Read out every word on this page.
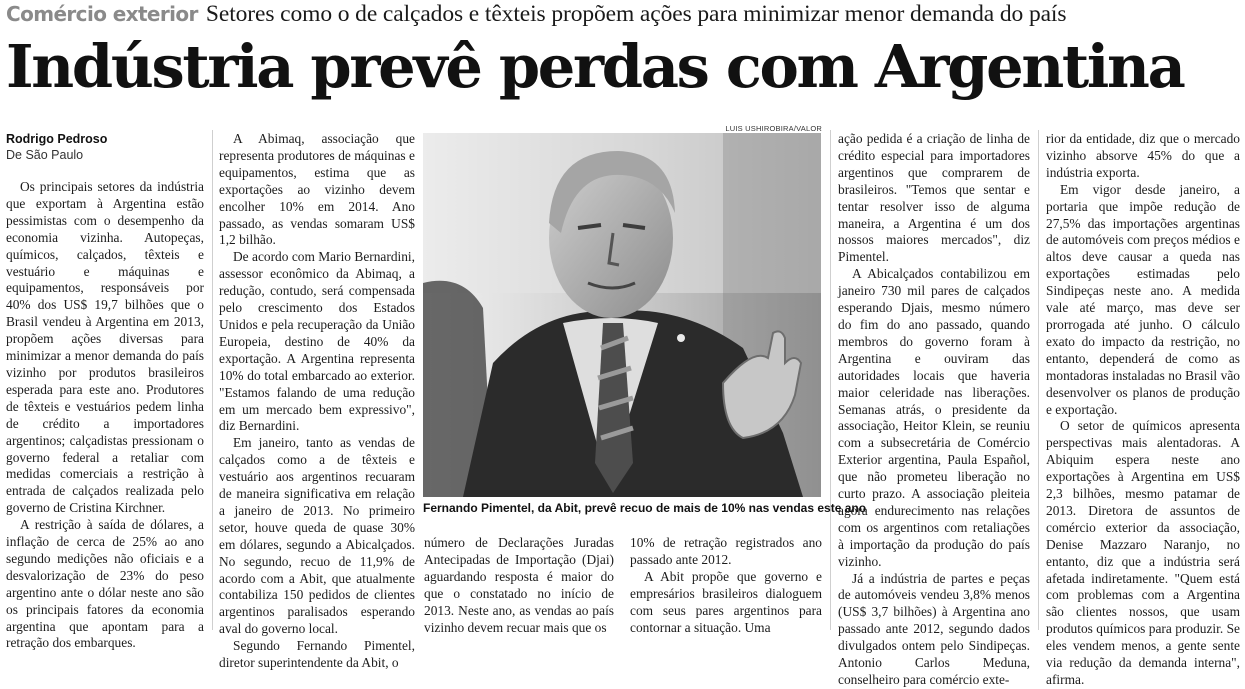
Comércio exterior Setores como o de calçados e têxteis propõem ações para minimizar menor demanda do país
Indústria prevê perdas com Argentina
Rodrigo Pedroso
De São Paulo

Os principais setores da indústria que exportam à Argentina estão pessimistas com o desempenho da economia vizinha. Autopeças, químicos, calçados, têxteis e vestuário e máquinas e equipamentos, responsáveis por 40% dos US$ 19,7 bilhões que o Brasil vendeu à Argentina em 2013, propõem ações diversas para minimizar a menor demanda do país vizinho por produtos brasileiros esperada para este ano. Produtores de têxteis e vestuários pedem linha de crédito a importadores argentinos; calçadistas pressionam o governo federal a retaliar com medidas comerciais a restrição à entrada de calçados realizada pelo governo de Cristina Kirchner.

A restrição à saída de dólares, a inflação de cerca de 25% ao ano segundo medições não oficiais e a desvalorização de 23% do peso argentino ante o dólar neste ano são os principais fatores da economia argentina que apontam para a retração dos embarques.

A Abimaq, associação que representa produtores de máquinas e equipamentos, estima que as exportações ao vizinho devem encolher 10% em 2014. Ano passado, as vendas somaram US$ 1,2 bilhão.

De acordo com Mario Bernardini, assessor econômico da Abimaq, a redução, contudo, será compensada pelo crescimento dos Estados Unidos e pela recuperação da União Europeia, destino de 40% da exportação. A Argentina representa 10% do total embarcado ao exterior. "Estamos falando de uma redução em um mercado bem expressivo", diz Bernardini.

Em janeiro, tanto as vendas de calçados como a de têxteis e vestuário aos argentinos recuaram de maneira significativa em relação a janeiro de 2013. No primeiro setor, houve queda de quase 30% em dólares, segundo a Abicalçados. No segundo, recuo de 11,9% de acordo com a Abit, que atualmente contabiliza 150 pedidos de clientes argentinos paralisados esperando aval do governo local.

Segundo Fernando Pimentel, diretor superintendente da Abit, o

LUIS USHIROBIRA/VALOR
Fernando Pimentel, da Abit, prevê recuo de mais de 10% nas vendas este ano

número de Declarações Juradas Antecipadas de Importação (Djai) aguardando resposta é maior do que o constatado no início de 2013. Neste ano, as vendas ao país vizinho devem recuar mais que os

10% de retração registrados ano passado ante 2012.

A Abit propõe que governo e empresários brasileiros dialoguem com seus pares argentinos para contornar a situação. Uma

ação pedida é a criação de linha de crédito especial para importadores argentinos que comprarem de brasileiros. "Temos que sentar e tentar resolver isso de alguma maneira, a Argentina é um dos nossos maiores mercados", diz Pimentel.

A Abicalçados contabilizou em janeiro 730 mil pares de calçados esperando Djais, mesmo número do fim do ano passado, quando membros do governo foram à Argentina e ouviram das autoridades locais que haveria maior celeridade nas liberações. Semanas atrás, o presidente da associação, Heitor Klein, se reuniu com a subsecretária de Comércio Exterior argentina, Paula Español, que não prometeu liberação no curto prazo. A associação pleiteia agora endurecimento nas relações com os argentinos com retaliações à importação da produção do país vizinho.

Já a indústria de partes e peças de automóveis vendeu 3,8% menos (US$ 3,7 bilhões) à Argentina ano passado ante 2012, segundo dados divulgados ontem pelo Sindipeças. Antonio Carlos Meduna, conselheiro para comércio exte-

rior da entidade, diz que o mercado vizinho absorve 45% do que a indústria exporta.

Em vigor desde janeiro, a portaria que impõe redução de 27,5% das importações argentinas de automóveis com preços médios e altos deve causar a queda nas exportações estimadas pelo Sindipeças neste ano. A medida vale até março, mas deve ser prorrogada até junho. O cálculo exato do impacto da restrição, no entanto, dependerá de como as montadoras instaladas no Brasil vão desenvolver os planos de produção e exportação.

O setor de químicos apresenta perspectivas mais alentadoras. A Abiquim espera neste ano exportações à Argentina em US$ 2,3 bilhões, mesmo patamar de 2013. Diretora de assuntos de comércio exterior da associação, Denise Mazzaro Naranjo, no entanto, diz que a indústria será afetada indiretamente. "Quem está com problemas com a Argentina são clientes nossos, que usam produtos químicos para produzir. Se eles vendem menos, a gente sente via redução da demanda interna", afirma.
